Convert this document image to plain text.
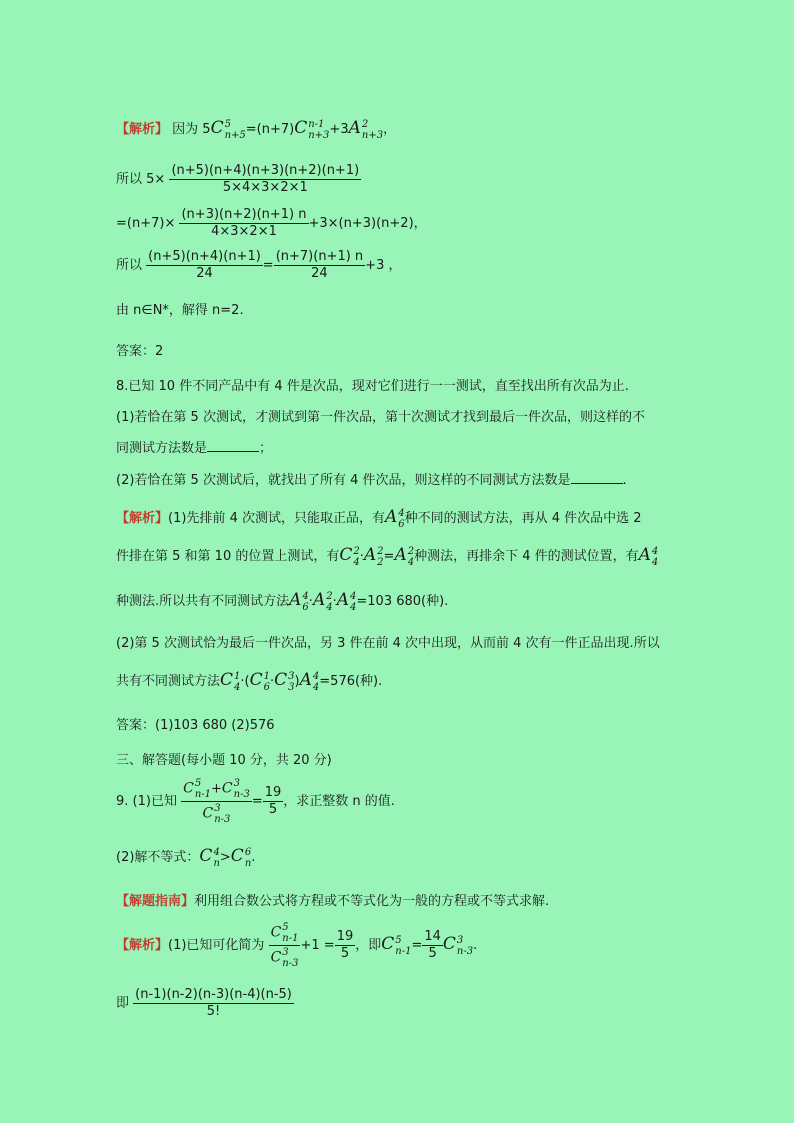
【解析】 因为 5C 5
n+5 =(n+7)C n-1
n+3 +3A 2
n+3 ，
所以 $5\times \frac{(n+5)(n+4)(n+3)(n+2)(n+1)}{5\times 4\times 3\times 2\times 1}$
$=(n+7)\times \frac{(n+3)(n+2)(n+1) n}{4\times 3\times 2\times 1} +3\times(n+3)(n+2)$，
所以 $\frac{(n+5)(n+4)(n+1)}{24} = \frac{(n+7)(n+1) n}{24} +3$ ，
由 n∈N*，解得 n=2.
答案：2
8.已知 10 件不同产品中有 4 件是次品，现对它们进行一一测试，直至找出所有次品为止.
(1)若恰在第 5 次测试，才测试到第一件次品，第十次测试才找到最后一件次品，则这样的不
同测试方法数是	；
(2)若恰在第 5 次测试后，就找出了所有 4 件次品，则这样的不同测试方法数是	.
【解析】(1)先排前 4 次测试，只能取正品，有A 4
6 种不同的测试方法，再从 4 件次品中选 2
件排在第 5 和第 10 的位置上测试，有C 2
4 ·A 2
2 =A 2
4 种测法，再排余下 4 件的测试位置，有A 4
4
种测法.所以共有不同测试方法A 4
6 ·A 2
4 ·A 4
4 =103 680(种).
(2)第 5 次测试恰为最后一件次品，另 3 件在前 4 次中出现，从而前 4 次有一件正品出现.所以
共有不同测试方法C 1
4 ·(C 1
6 ·C 3
3 )A 4
4 =576(种).
答案：(1)103 680 (2)576
三、解答题(每小题 10 分，共 20 分)
9. (1)已知 C 5
n-1 +C 3
n-3
C 3
$n-3 = \frac{19}{5}$ ，求正整数 n 的值.
(2)解不等式：C 4
n >C 6
n .
【解题指南】利用组合数公式将方程或不等式化为一般的方程或不等式求解.
【解析】(1)已知可化简为 C 5
n-1
C 3
$n-3 +1 = \frac{19}{5}$ ，即C 5
$n-1 = \frac{14}{5}$ C 3
n-3 .
即 $\frac{(n-1)(n-2)(n-3)(n-4)(n-5)}{5!}$
